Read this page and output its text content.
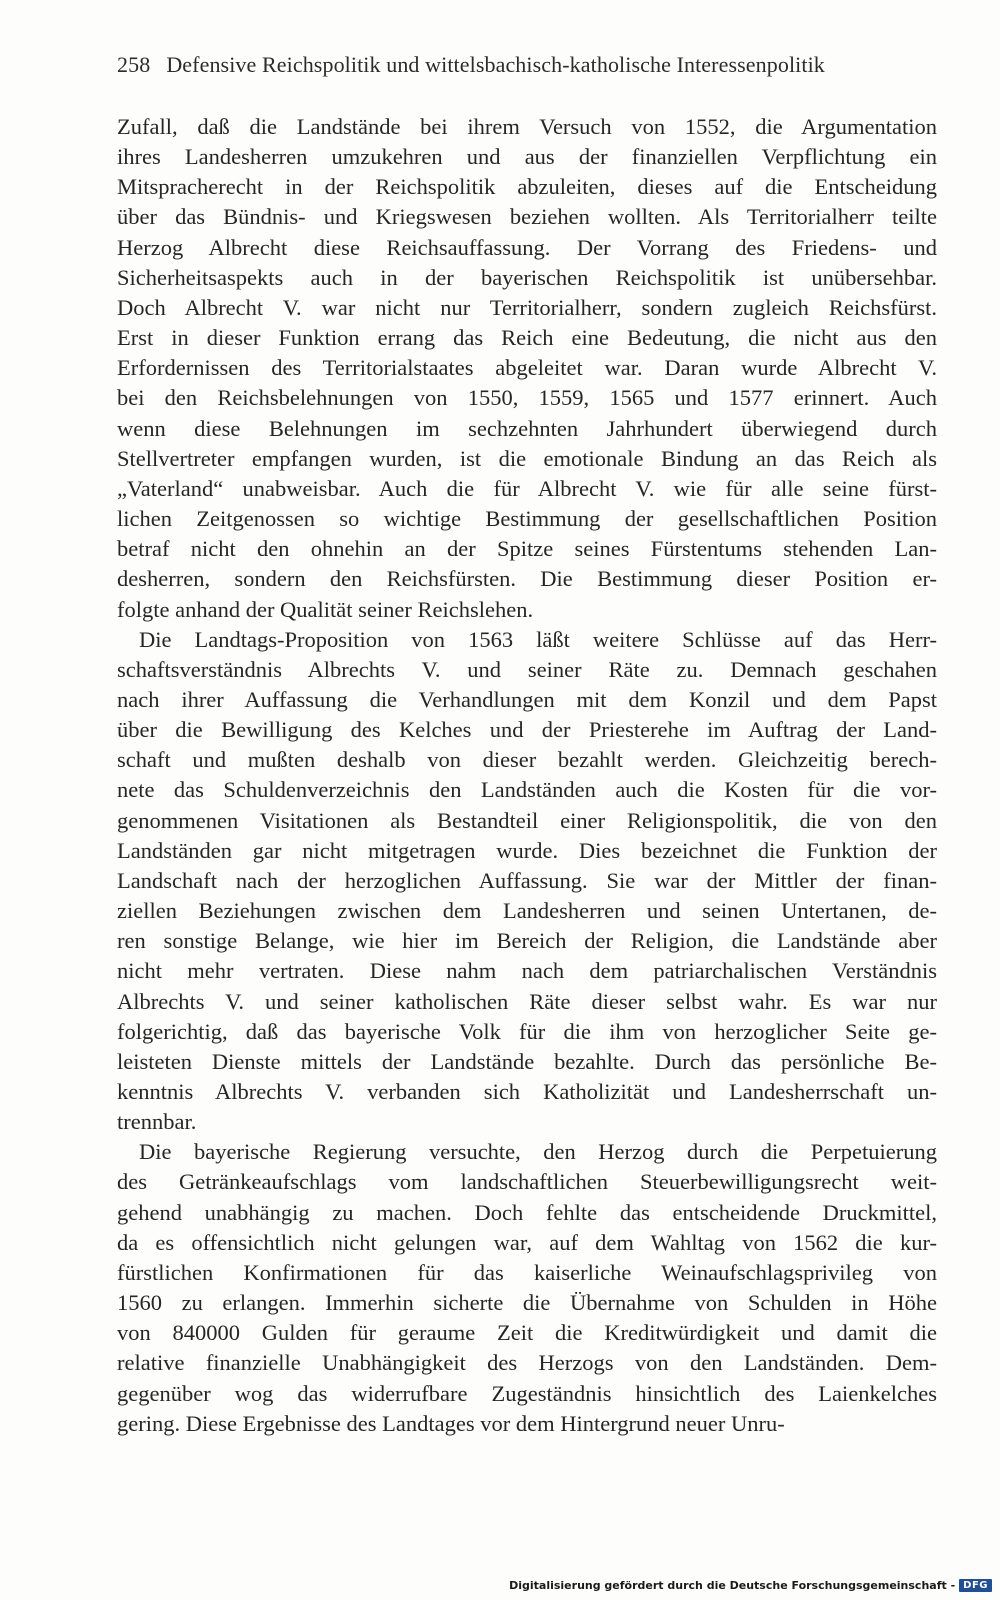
258 Defensive Reichspolitik und wittelsbachisch-katholische Interessenpolitik
Zufall, daß die Landstände bei ihrem Versuch von 1552, die Argumentation
ihres Landesherren umzukehren und aus der finanziellen Verpflichtung ein
Mitspracherecht in der Reichspolitik abzuleiten, dieses auf die Entscheidung
über das Bündnis- und Kriegswesen beziehen wollten. Als Territorialherr teilte
Herzog Albrecht diese Reichsauffassung. Der Vorrang des Friedens- und
Sicherheitsaspekts auch in der bayerischen Reichspolitik ist unübersehbar.
Doch Albrecht V. war nicht nur Territorialherr, sondern zugleich Reichsfürst.
Erst in dieser Funktion errang das Reich eine Bedeutung, die nicht aus den
Erfordernissen des Territorialstaates abgeleitet war. Daran wurde Albrecht V.
bei den Reichsbelehnungen von 1550, 1559, 1565 und 1577 erinnert. Auch
wenn diese Belehnungen im sechzehnten Jahrhundert überwiegend durch
Stellvertreter empfangen wurden, ist die emotionale Bindung an das Reich als
„Vaterland“ unabweisbar. Auch die für Albrecht V. wie für alle seine fürst-
lichen Zeitgenossen so wichtige Bestimmung der gesellschaftlichen Position
betraf nicht den ohnehin an der Spitze seines Fürstentums stehenden Lan-
desherren, sondern den Reichsfürsten. Die Bestimmung dieser Position er-
folgte anhand der Qualität seiner Reichslehen.
Die Landtags-Proposition von 1563 läßt weitere Schlüsse auf das Herr-
schaftsverständnis Albrechts V. und seiner Räte zu. Demnach geschahen
nach ihrer Auffassung die Verhandlungen mit dem Konzil und dem Papst
über die Bewilligung des Kelches und der Priesterehe im Auftrag der Land-
schaft und mußten deshalb von dieser bezahlt werden. Gleichzeitig berech-
nete das Schuldenverzeichnis den Landständen auch die Kosten für die vor-
genommenen Visitationen als Bestandteil einer Religionspolitik, die von den
Landständen gar nicht mitgetragen wurde. Dies bezeichnet die Funktion der
Landschaft nach der herzoglichen Auffassung. Sie war der Mittler der finan-
ziellen Beziehungen zwischen dem Landesherren und seinen Untertanen, de-
ren sonstige Belange, wie hier im Bereich der Religion, die Landstände aber
nicht mehr vertraten. Diese nahm nach dem patriarchalischen Verständnis
Albrechts V. und seiner katholischen Räte dieser selbst wahr. Es war nur
folgerichtig, daß das bayerische Volk für die ihm von herzoglicher Seite ge-
leisteten Dienste mittels der Landstände bezahlte. Durch das persönliche Be-
kenntnis Albrechts V. verbanden sich Katholizität und Landesherrschaft un-
trennbar.
Die bayerische Regierung versuchte, den Herzog durch die Perpetuierung
des Getränkeaufschlags vom landschaftlichen Steuerbewilligungsrecht weit-
gehend unabhängig zu machen. Doch fehlte das entscheidende Druckmittel,
da es offensichtlich nicht gelungen war, auf dem Wahltag von 1562 die kur-
fürstlichen Konfirmationen für das kaiserliche Weinaufschlagsprivileg von
1560 zu erlangen. Immerhin sicherte die Übernahme von Schulden in Höhe
von 840000 Gulden für geraume Zeit die Kreditwürdigkeit und damit die
relative finanzielle Unabhängigkeit des Herzogs von den Landständen. Dem-
gegenüber wog das widerrufbare Zugeständnis hinsichtlich des Laienkelches
gering. Diese Ergebnisse des Landtages vor dem Hintergrund neuer Unru-
Digitalisierung gefördert durch die Deutsche Forschungsgemeinschaft - DFG
